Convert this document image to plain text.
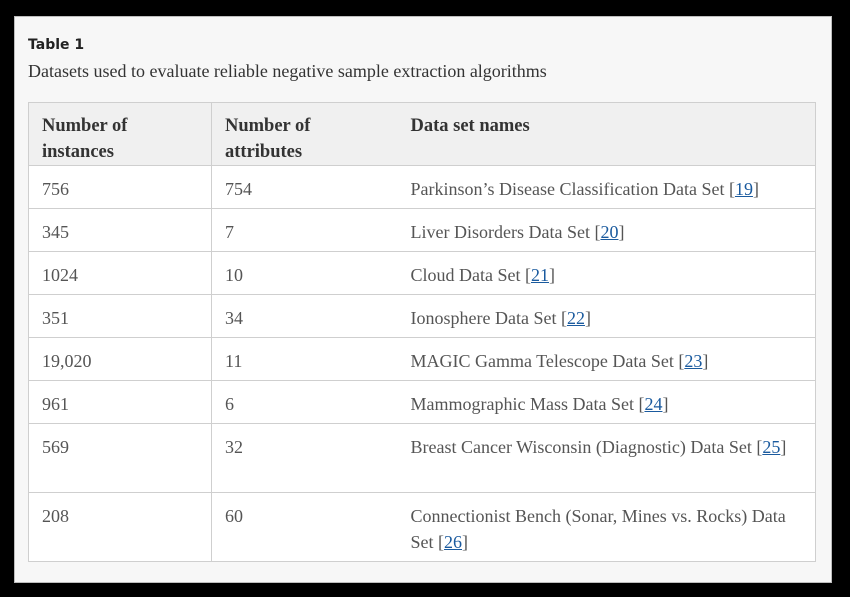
Table 1
Datasets used to evaluate reliable negative sample extraction algorithms
Number of instances	Number of attributes	Data set names
756	754	Parkinson’s Disease Classification Data Set [19]
345	7	Liver Disorders Data Set [20]
1024	10	Cloud Data Set [21]
351	34	Ionosphere Data Set [22]
19,020	11	MAGIC Gamma Telescope Data Set [23]
961	6	Mammographic Mass Data Set [24]
569	32	Breast Cancer Wisconsin (Diagnostic) Data Set [25]
208	60	Connectionist Bench (Sonar, Mines vs. Rocks) Data Set [26]
